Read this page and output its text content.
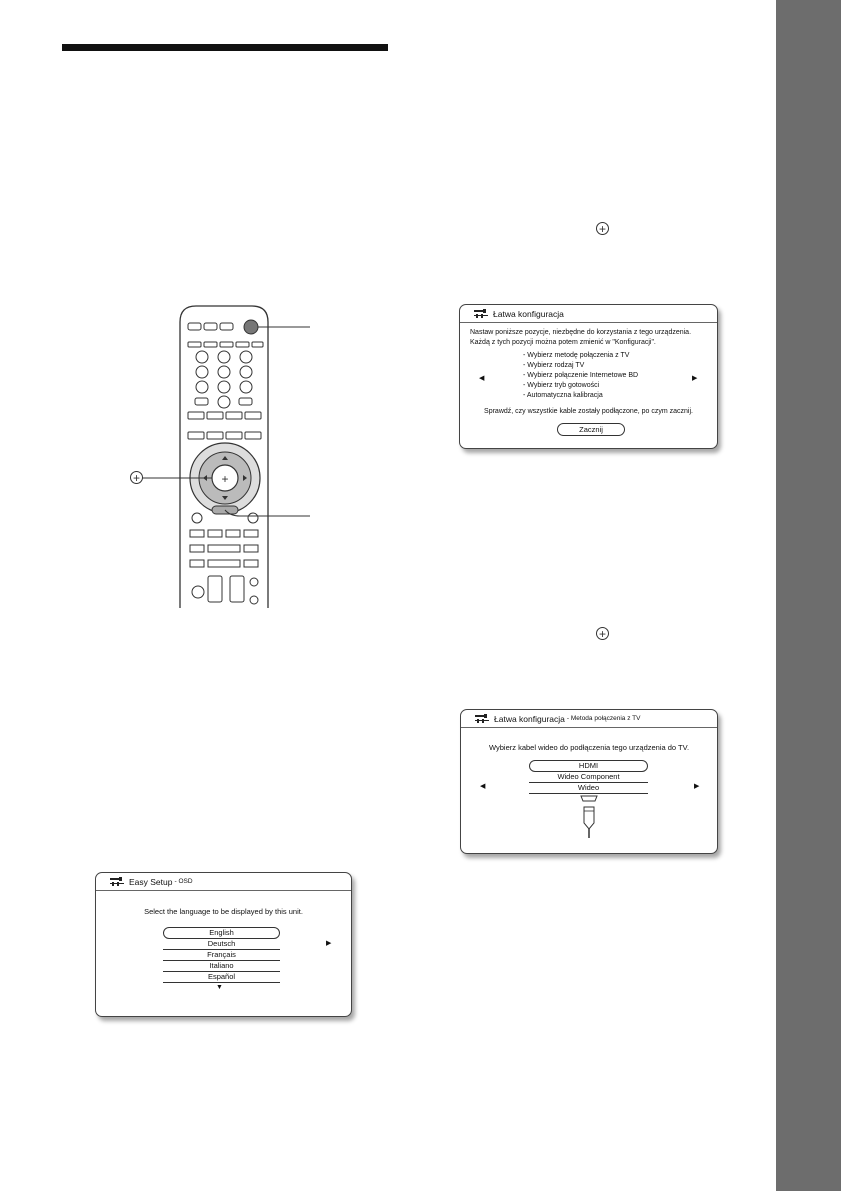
+
+
+
+
Easy Setup - OSD
Select the language to be displayed by this unit.
English
Deutsch
Français
Italiano
Español
▼
▶
Łatwa konfiguracja
Nastaw poniższe pozycje, niezbędne do korzystania z tego urządzenia.
Każdą z tych pozycji można potem zmienić w "Konfiguracji".
- Wybierz metodę połączenia z TV
- Wybierz rodzaj TV
- Wybierz połączenie Internetowe BD
- Wybierz tryb gotowości
- Automatyczna kalibracja
◀	▶
Sprawdź, czy wszystkie kable zostały podłączone, po czym zacznij.
Zacznij
Łatwa konfiguracja - Metoda połączenia z TV
Wybierz kabel wideo do podłączenia tego urządzenia do TV.
HDMI
Wideo Component
Wideo
◀	▶
